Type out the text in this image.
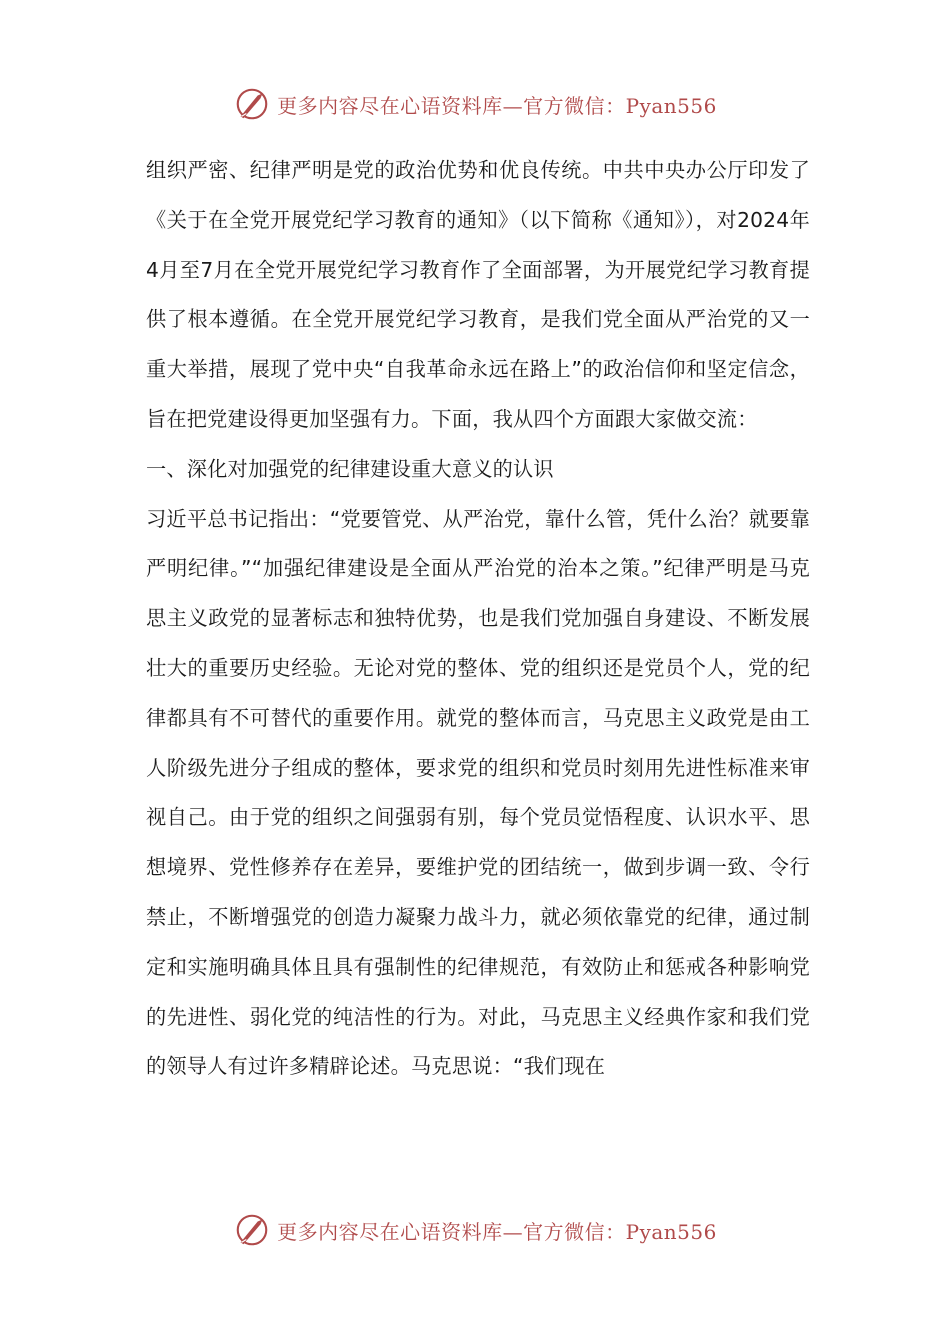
更多内容尽在心语资料库—官方微信：Pyan556

组织严密、纪律严明是党的政治优势和优良传统。中共中央办公厅印发了《关于在全党开展党纪学习教育的通知》（以下简称《通知》），对2024年4月至7月在全党开展党纪学习教育作了全面部署，为开展党纪学习教育提供了根本遵循。在全党开展党纪学习教育，是我们党全面从严治党的又一重大举措，展现了党中央“自我革命永远在路上”的政治信仰和坚定信念，旨在把党建设得更加坚强有力。下面，我从四个方面跟大家做交流：

一、深化对加强党的纪律建设重大意义的认识

习近平总书记指出：“党要管党、从严治党，靠什么管，凭什么治？就要靠严明纪律。”“加强纪律建设是全面从严治党的治本之策。”纪律严明是马克思主义政党的显著标志和独特优势，也是我们党加强自身建设、不断发展壮大的重要历史经验。无论对党的整体、党的组织还是党员个人，党的纪律都具有不可替代的重要作用。就党的整体而言，马克思主义政党是由工人阶级先进分子组成的整体，要求党的组织和党员时刻用先进性标准来审视自己。由于党的组织之间强弱有别，每个党员觉悟程度、认识水平、思想境界、党性修养存在差异，要维护党的团结统一，做到步调一致、令行禁止，不断增强党的创造力凝聚力战斗力，就必须依靠党的纪律，通过制定和实施明确具体且具有强制性的纪律规范，有效防止和惩戒各种影响党的先进性、弱化党的纯洁性的行为。对此，马克思主义经典作家和我们党的领导人有过许多精辟论述。马克思说：“我们现在

更多内容尽在心语资料库—官方微信：Pyan556
